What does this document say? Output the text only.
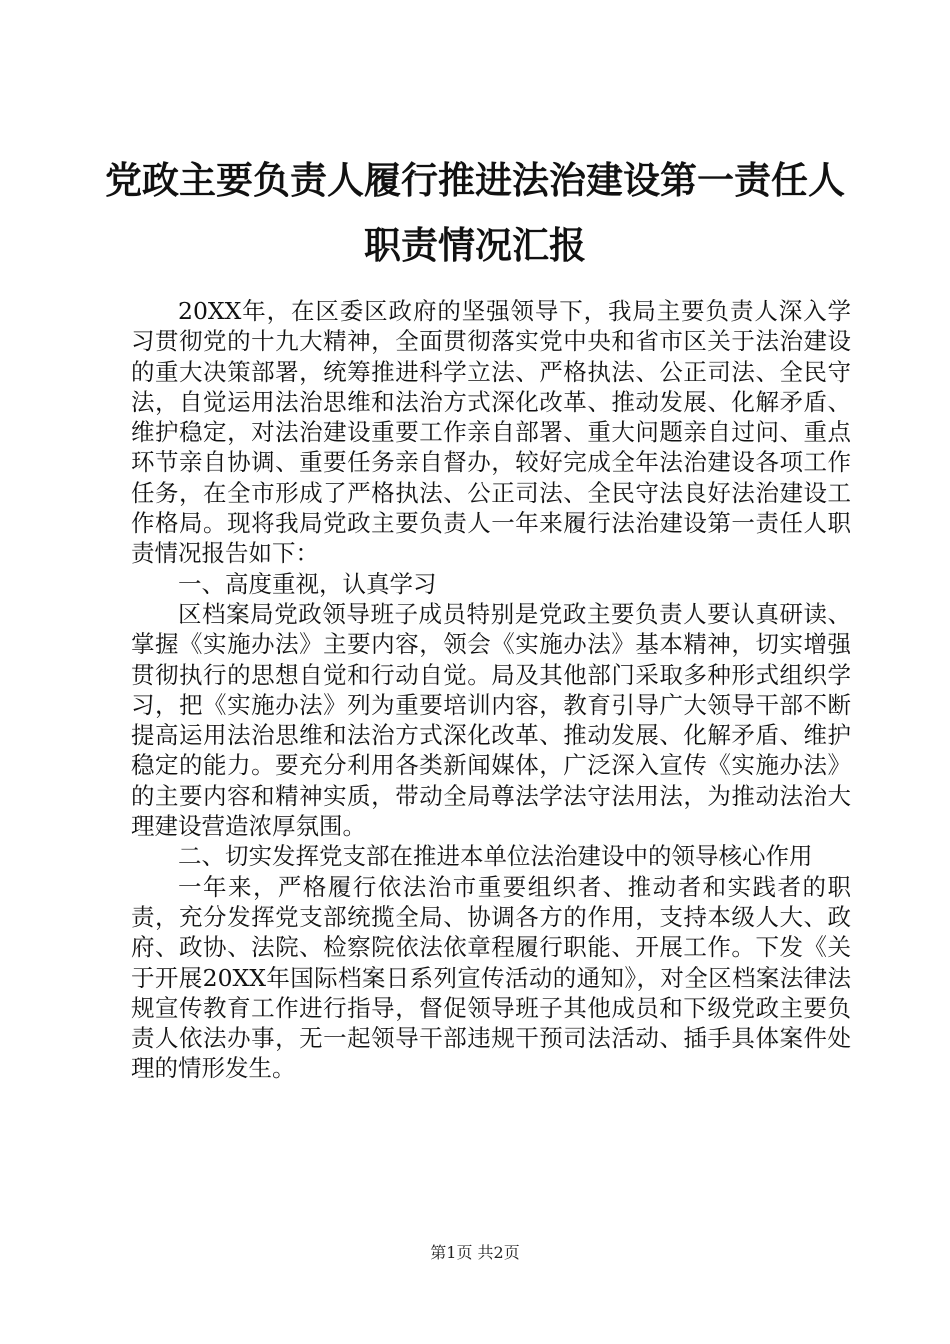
党政主要负责人履行推进法治建设第一责任人
职责情况汇报

20XX年，在区委区政府的坚强领导下，我局主要负责人深入学习贯彻党的十九大精神，全面贯彻落实党中央和省市区关于法治建设的重大决策部署，统筹推进科学立法、严格执法、公正司法、全民守法，自觉运用法治思维和法治方式深化改革、推动发展、化解矛盾、维护稳定，对法治建设重要工作亲自部署、重大问题亲自过问、重点环节亲自协调、重要任务亲自督办，较好完成全年法治建设各项工作任务，在全市形成了严格执法、公正司法、全民守法良好法治建设工作格局。现将我局党政主要负责人一年来履行法治建设第一责任人职责情况报告如下：

一、高度重视，认真学习

区档案局党政领导班子成员特别是党政主要负责人要认真研读、掌握《实施办法》主要内容，领会《实施办法》基本精神，切实增强贯彻执行的思想自觉和行动自觉。局及其他部门采取多种形式组织学习，把《实施办法》列为重要培训内容，教育引导广大领导干部不断提高运用法治思维和法治方式深化改革、推动发展、化解矛盾、维护稳定的能力。要充分利用各类新闻媒体，广泛深入宣传《实施办法》的主要内容和精神实质，带动全局尊法学法守法用法，为推动法治大理建设营造浓厚氛围。

二、切实发挥党支部在推进本单位法治建设中的领导核心作用

一年来，严格履行依法治市重要组织者、推动者和实践者的职责，充分发挥党支部统揽全局、协调各方的作用，支持本级人大、政府、政协、法院、检察院依法依章程履行职能、开展工作。下发《关于开展20XX年国际档案日系列宣传活动的通知》，对全区档案法律法规宣传教育工作进行指导，督促领导班子其他成员和下级党政主要负责人依法办事，无一起领导干部违规干预司法活动、插手具体案件处理的情形发生。

第1页 共2页
